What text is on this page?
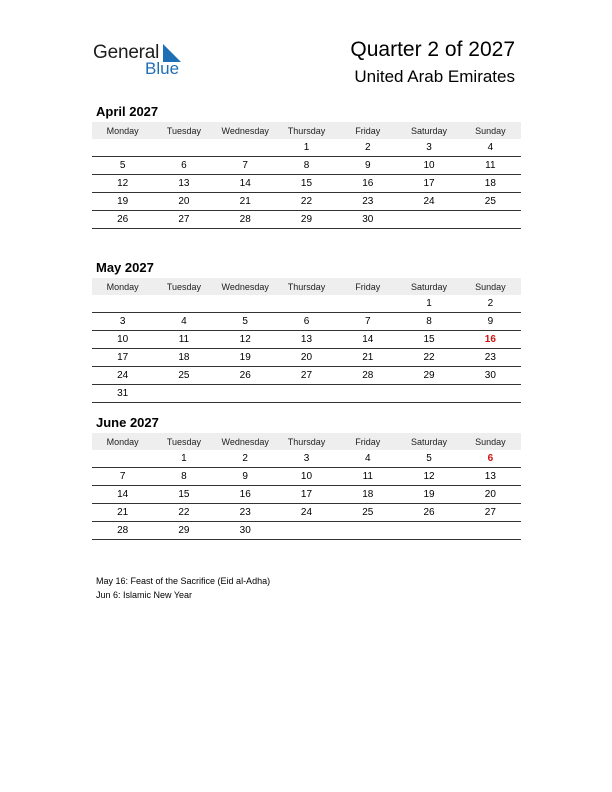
General
Blue
Quarter 2 of 2027
United Arab Emirates
April 2027
Monday	Tuesday	Wednesday	Thursday	Friday	Saturday	Sunday
			1	2	3	4
5	6	7	8	9	10	11
12	13	14	15	16	17	18
19	20	21	22	23	24	25
26	27	28	29	30		
May 2027
Monday	Tuesday	Wednesday	Thursday	Friday	Saturday	Sunday
					1	2
3	4	5	6	7	8	9
10	11	12	13	14	15	16
17	18	19	20	21	22	23
24	25	26	27	28	29	30
31						
June 2027
Monday	Tuesday	Wednesday	Thursday	Friday	Saturday	Sunday
	1	2	3	4	5	6
7	8	9	10	11	12	13
14	15	16	17	18	19	20
21	22	23	24	25	26	27
28	29	30				
May 16: Feast of the Sacrifice (Eid al-Adha)
Jun 6: Islamic New Year
